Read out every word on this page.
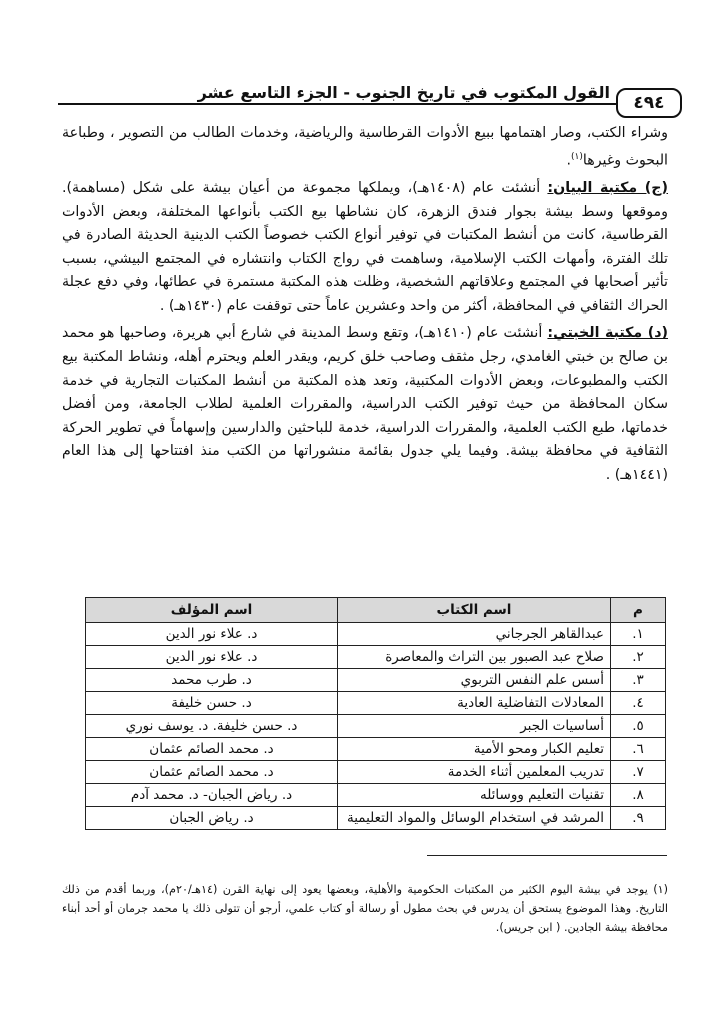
القول المكتوب في تاريخ الجنوب - الجزء التاسع عشر
٤٩٤

وشراء الكتب، وصار اهتمامها ببيع الأدوات القرطاسية والرياضية، وخدمات الطالب من التصوير ، وطباعة البحوث وغيرها$^{(١)}$.

(ج) مكتبة البيان: أنشئت عام (١٤٠٨هـ)، ويملكها مجموعة من أعيان بيشة على شكل (مساهمة). وموقعها وسط بيشة بجوار فندق الزهرة، كان نشاطها بيع الكتب بأنواعها المختلفة، وبعض الأدوات القرطاسية، كانت من أنشط المكتبات في توفير أنواع الكتب خصوصاً الكتب الدينية الحديثة الصادرة في تلك الفترة، وأمهات الكتب الإسلامية، وساهمت في رواج الكتاب وانتشاره في المجتمع البيشي، بسبب تأثير أصحابها في المجتمع وعلاقاتهم الشخصية، وظلت هذه المكتبة مستمرة في عطائها، وفي دفع عجلة الحراك الثقافي في المحافظة، أكثر من واحد وعشرين عاماً حتى توقفت عام (١٤٣٠هـ) .

(د) مكتبة الخبتي: أنشئت عام (١٤١٠هـ)، وتقع وسط المدينة في شارع أبي هريرة، وصاحبها هو محمد بن صالح بن خبتي الغامدي، رجل مثقف وصاحب خلق كريم، ويقدر العلم ويحترم أهله، ونشاط المكتبة بيع الكتب والمطبوعات، وبعض الأدوات المكتبية، وتعد هذه المكتبة من أنشط المكتبات التجارية في خدمة سكان المحافظة من حيث توفير الكتب الدراسية، والمقررات العلمية لطلاب الجامعة، ومن أفضل خدماتها، طبع الكتب العلمية، والمقررات الدراسية، خدمة للباحثين والدارسين وإسهاماً في تطوير الحركة الثقافية في محافظة بيشة. وفيما يلي جدول بقائمة منشوراتها من الكتب منذ افتتاحها إلى هذا العام (١٤٤١هـ) .

م	اسم الكتاب	اسم المؤلف
١.	عبدالقاهر الجرجاني	د. علاء نور الدين
٢.	صلاح عبد الصبور بين التراث والمعاصرة	د. علاء نور الدين
٣.	أسس علم النفس التربوي	د. طرب محمد
٤.	المعادلات التفاضلية العادية	د. حسن خليفة
٥.	أساسيات الجبر	د. حسن خليفة. د. يوسف نوري
٦.	تعليم الكبار ومحو الأمية	د. محمد الصائم عثمان
٧.	تدريب المعلمين أثناء الخدمة	د. محمد الصائم عثمان
٨.	تقنيات التعليم ووسائله	د. رياض الجبان- د. محمد آدم
٩.	المرشد في استخدام الوسائل والمواد التعليمية	د. رياض الجبان
(١) يوجد في بيشة اليوم الكثير من المكتبات الحكومية والأهلية، وبعضها يعود إلى نهاية القرن (١٤هـ/٢٠م)، وربما أقدم من ذلك التاريخ. وهذا الموضوع يستحق أن يدرس في بحث مطول أو رسالة أو كتاب علمي، أرجو أن تتولى ذلك يا محمد جرمان أو أحد أبناء محافظة بيشة الجادين. ( ابن جريس).
